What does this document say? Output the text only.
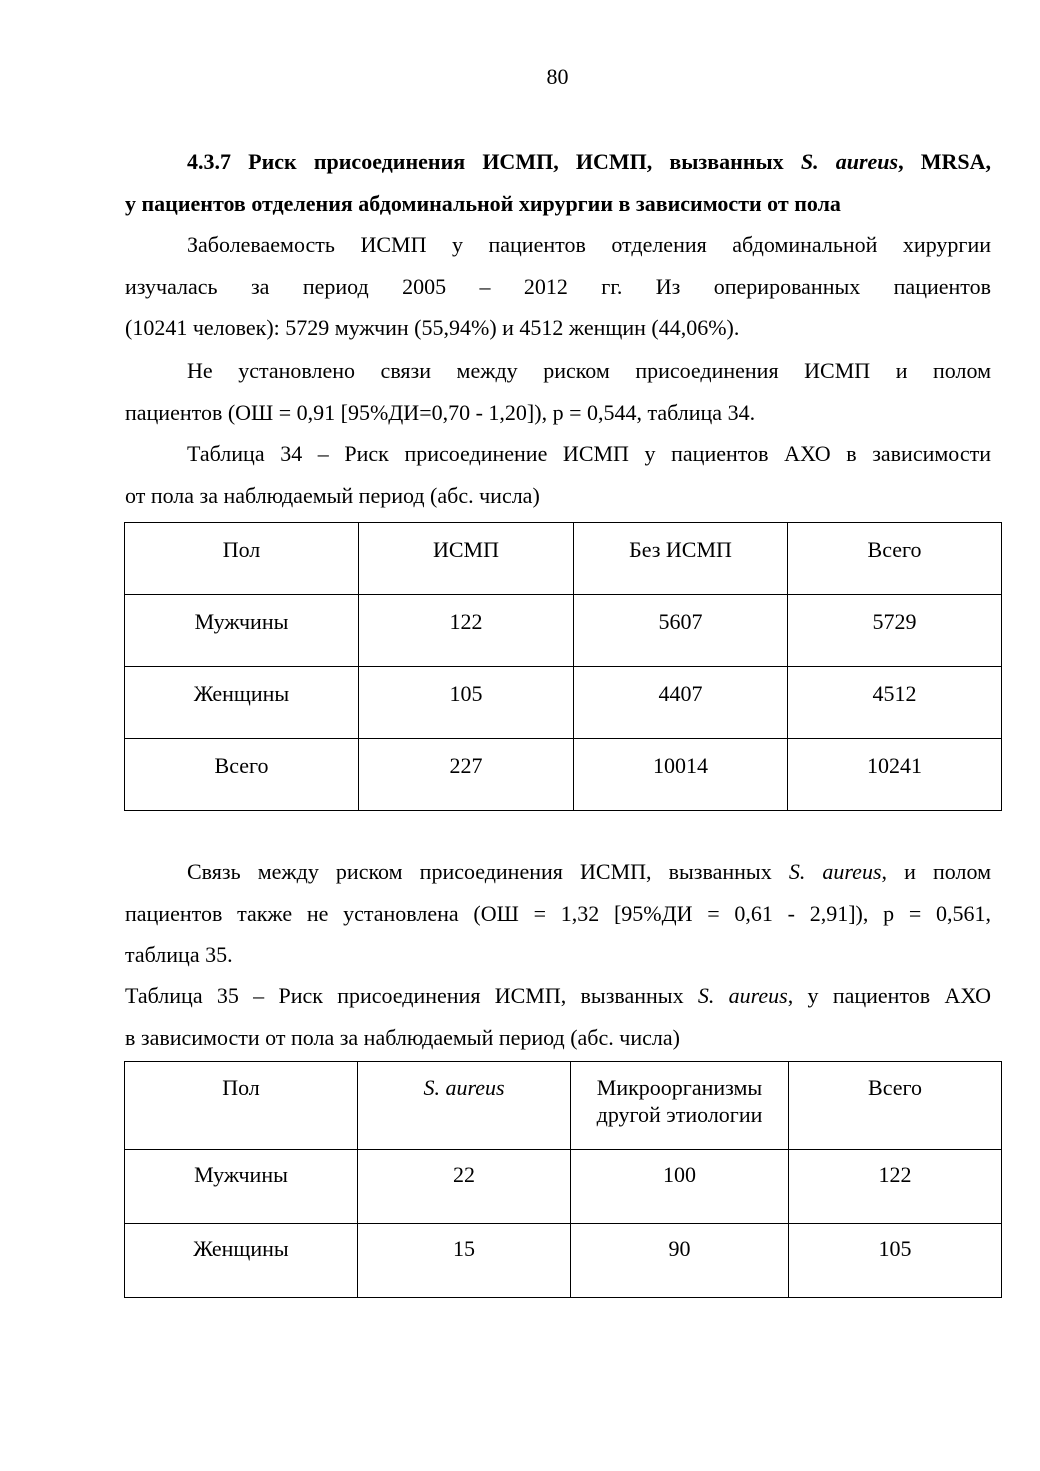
80
4.3.7 Риск присоединения ИСМП, ИСМП, вызванных S. aureus, MRSA,
у пациентов отделения абдоминальной хирургии в зависимости от пола
Заболеваемость ИСМП у пациентов отделения абдоминальной хирургии
изучалась за период 2005 – 2012 гг. Из оперированных пациентов
(10241 человек): 5729 мужчин (55,94%) и 4512 женщин (44,06%).
Не установлено связи между риском присоединения ИСМП и полом
пациентов (ОШ = 0,91 [95%ДИ=0,70 - 1,20]), p = 0,544, таблица 34.
Таблица 34 – Риск присоединение ИСМП у пациентов АХО в зависимости
от пола за наблюдаемый период (абс. числа)
Пол	ИСМП	Без ИСМП	Всего
Мужчины	122	5607	5729
Женщины	105	4407	4512
Всего	227	10014	10241
Связь между риском присоединения ИСМП, вызванных S. aureus, и полом
пациентов также не установлена (ОШ = 1,32 [95%ДИ = 0,61 - 2,91]), p = 0,561,
таблица 35.
Таблица 35 – Риск присоединения ИСМП, вызванных S. aureus, у пациентов АХО
в зависимости от пола за наблюдаемый период (абс. числа)
Пол	S. aureus	Микроорганизмы другой этиологии	Всего
Мужчины	22	100	122
Женщины	15	90	105
